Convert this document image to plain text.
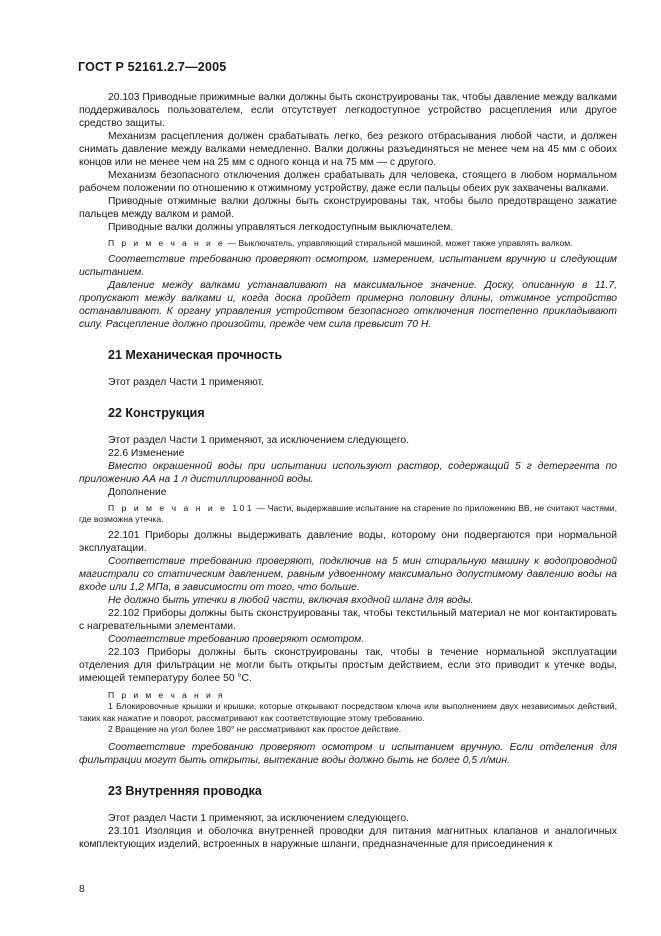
ГОСТ Р 52161.2.7—2005

20.103 Приводные прижимные валки должны быть сконструированы так, чтобы давление между валками поддерживалось пользователем, если отсутствует легкодоступное устройство расцепления или другое средство защиты.

Механизм расцепления должен срабатывать легко, без резкого отбрасывания любой части, и должен снимать давление между валками немедленно. Валки должны разъединяться не менее чем на 45 мм с обоих концов или не менее чем на 25 мм с одного конца и на 75 мм — с другого.

Механизм безопасного отключения должен срабатывать для человека, стоящего в любом нормальном рабочем положении по отношению к отжимному устройству, даже если пальцы обеих рук захвачены валками.

Приводные отжимные валки должны быть сконструированы так, чтобы было предотвращено зажатие пальцев между валком и рамой.

Приводные валки должны управляться легкодоступным выключателем.

П р и м е ч а н и е — Выключатель, управляющий стиральной машиной, может также управлять валком.

Соответствие требованию проверяют осмотром, измерением, испытанием вручную и следующим испытанием.

Давление между валками устанавливают на максимальное значение. Доску, описанную в 11.7, пропускают между валками и, когда доска пройдет примерно половину длины, отжимное устройство останавливают. К органу управления устройством безопасного отключения постепенно прикладывают силу. Расцепление должно произойти, прежде чем сила превысит 70 Н.

21 Механическая прочность

Этот раздел Части 1 применяют.

22 Конструкция

Этот раздел Части 1 применяют, за исключением следующего.

22.6 Изменение

Вместо окрашенной воды при испытании используют раствор, содержащий 5 г детергента по приложению АА на 1 л дистиллированной воды.

Дополнение

П р и м е ч а н и е 101 — Части, выдержавшие испытание на старение по приложению ВВ, не считают частями, где возможна утечка.

22.101 Приборы должны выдерживать давление воды, которому они подвергаются при нормальной эксплуатации.

Соответствие требованию проверяют, подключив на 5 мин стиральную машину к водопроводной магистрали со статическим давлением, равным удвоенному максимально допустимому давлению воды на входе или 1,2 МПа, в зависимости от того, что больше.

Не должно быть утечки в любой части, включая входной шланг для воды.

22.102 Приборы должны быть сконструированы так, чтобы текстильный материал не мог контактировать с нагревательными элементами.

Соответствие требованию проверяют осмотром.

22.103 Приборы должны быть сконструированы так, чтобы в течение нормальной эксплуатации отделения для фильтрации не могли быть открыты простым действием, если это приводит к утечке воды, имеющей температуру более 50 °С.

П р и м е ч а н и я

1 Блокировочные крышки и крышки, которые открывают посредством ключа или выполнением двух независимых действий, таких как нажатие и поворот, рассматривают как соответствующие этому требованию.

2 Вращение на угол более 180° не рассматривают как простое действие.

Соответствие требованию проверяют осмотром и испытанием вручную. Если отделения для фильтрации могут быть открыты, вытекание воды должно быть не более 0,5 л/мин.

23 Внутренняя проводка

Этот раздел Части 1 применяют, за исключением следующего.

23.101 Изоляция и оболочка внутренней проводки для питания магнитных клапанов и аналогичных комплектующих изделий, встроенных в наружные шланги, предназначенные для присоединения к

8
